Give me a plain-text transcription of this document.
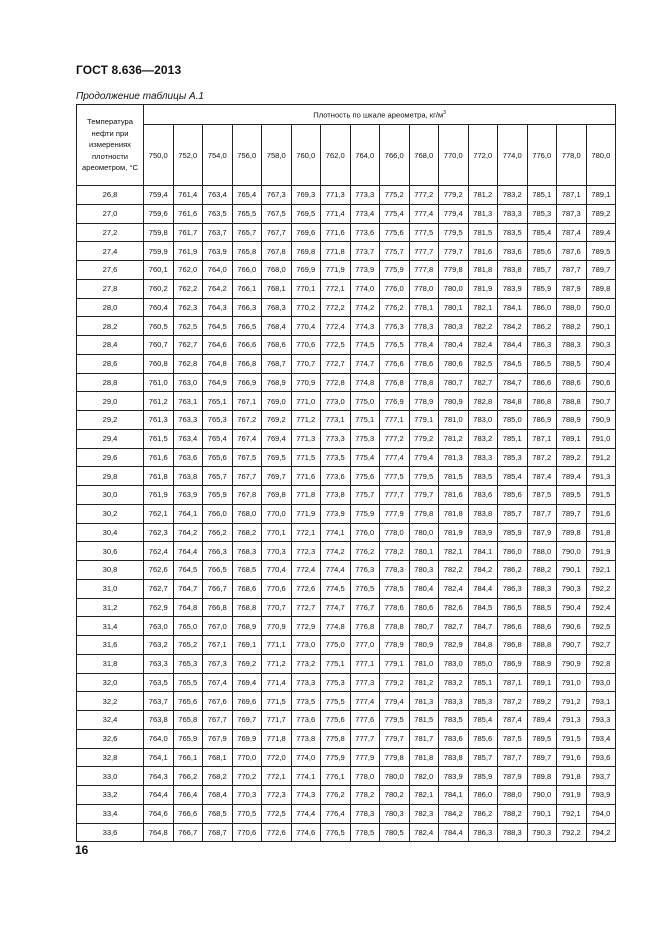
ГОСТ 8.636—2013
Продолжение таблицы А.1
Температура нефти при измерениях плотности ареометром, °С	Плотность по шкале ареометра, $кг/м^3$
	750,0	752,0	754,0	756,0	758,0	760,0	762,0	764,0	766,0	768,0	770,0	772,0	774,0	776,0	778,0	780,0
26,8	759,4	761,4	763,4	765,4	767,3	769,3	771,3	773,3	775,2	777,2	779,2	781,2	783,2	785,1	787,1	789,1
27,0	759,6	761,6	763,5	765,5	767,5	769,5	771,4	773,4	775,4	777,4	779,4	781,3	783,3	785,3	787,3	789,2
27,2	759,8	761,7	763,7	765,7	767,7	769,6	771,6	773,6	775,6	777,5	779,5	781,5	783,5	785,4	787,4	789,4
27,4	759,9	761,9	763,9	765,8	767,8	769,8	771,8	773,7	775,7	777,7	779,7	781,6	783,6	785,6	787,6	789,5
27,6	760,1	762,0	764,0	766,0	768,0	769,9	771,9	773,9	775,9	777,8	779,8	781,8	783,8	785,7	787,7	789,7
27,8	760,2	762,2	764,2	766,1	768,1	770,1	772,1	774,0	776,0	778,0	780,0	781,9	783,9	785,9	787,9	789,8
28,0	760,4	762,3	764,3	766,3	768,3	770,2	772,2	774,2	776,2	778,1	780,1	782,1	784,1	786,0	788,0	790,0
28,2	760,5	762,5	764,5	766,5	768,4	770,4	772,4	774,3	776,3	778,3	780,3	782,2	784,2	786,2	788,2	790,1
28,4	760,7	762,7	764,6	766,6	768,6	770,6	772,5	774,5	776,5	778,4	780,4	782,4	784,4	786,3	788,3	790,3
28,6	760,8	762,8	764,8	766,8	768,7	770,7	772,7	774,7	776,6	778,6	780,6	782,5	784,5	786,5	788,5	790,4
28,8	761,0	763,0	764,9	766,9	768,9	770,9	772,8	774,8	776,8	778,8	780,7	782,7	784,7	786,6	788,6	790,6
29,0	761,2	763,1	765,1	767,1	769,0	771,0	773,0	775,0	776,9	778,9	780,9	782,8	784,8	786,8	788,8	790,7
29,2	761,3	763,3	765,3	767,2	769,2	771,2	773,1	775,1	777,1	779,1	781,0	783,0	785,0	786,9	788,9	790,9
29,4	761,5	763,4	765,4	767,4	769,4	771,3	773,3	775,3	777,2	779,2	781,2	783,2	785,1	787,1	789,1	791,0
29,6	761,6	763,6	765,6	767,5	769,5	771,5	773,5	775,4	777,4	779,4	781,3	783,3	785,3	787,2	789,2	791,2
29,8	761,8	763,8	765,7	767,7	769,7	771,6	773,6	775,6	777,5	779,5	781,5	783,5	785,4	787,4	789,4	791,3
30,0	761,9	763,9	765,9	767,8	769,8	771,8	773,8	775,7	777,7	779,7	781,6	783,6	785,6	787,5	789,5	791,5
30,2	762,1	764,1	766,0	768,0	770,0	771,9	773,9	775,9	777,9	779,8	781,8	783,8	785,7	787,7	789,7	791,6
30,4	762,3	764,2	766,2	768,2	770,1	772,1	774,1	776,0	778,0	780,0	781,9	783,9	785,9	787,9	789,8	791,8
30,6	762,4	764,4	766,3	768,3	770,3	772,3	774,2	776,2	778,2	780,1	782,1	784,1	786,0	788,0	790,0	791,9
30,8	762,6	764,5	766,5	768,5	770,4	772,4	774,4	776,3	778,3	780,3	782,2	784,2	786,2	788,2	790,1	792,1
31,0	762,7	764,7	766,7	768,6	770,6	772,6	774,5	776,5	778,5	780,4	782,4	784,4	786,3	788,3	790,3	792,2
31,2	762,9	764,8	766,8	768,8	770,7	772,7	774,7	776,7	778,6	780,6	782,6	784,5	786,5	788,5	790,4	792,4
31,4	763,0	765,0	767,0	768,9	770,9	772,9	774,8	776,8	778,8	780,7	782,7	784,7	786,6	788,6	790,6	792,5
31,6	763,2	765,2	767,1	769,1	771,1	773,0	775,0	777,0	778,9	780,9	782,9	784,8	786,8	788,8	790,7	792,7
31,8	763,3	765,3	767,3	769,2	771,2	773,2	775,1	777,1	779,1	781,0	783,0	785,0	786,9	788,9	790,9	792,8
32,0	763,5	765,5	767,4	769,4	771,4	773,3	775,3	777,3	779,2	781,2	783,2	785,1	787,1	789,1	791,0	793,0
32,2	763,7	765,6	767,6	769,6	771,5	773,5	775,5	777,4	779,4	781,3	783,3	785,3	787,2	789,2	791,2	793,1
32,4	763,8	765,8	767,7	769,7	771,7	773,6	775,6	777,6	779,5	781,5	783,5	785,4	787,4	789,4	791,3	793,3
32,6	764,0	765,9	767,9	769,9	771,8	773,8	775,8	777,7	779,7	781,7	783,6	785,6	787,5	789,5	791,5	793,4
32,8	764,1	766,1	768,1	770,0	772,0	774,0	775,9	777,9	779,8	781,8	783,8	785,7	787,7	789,7	791,6	793,6
33,0	764,3	766,2	768,2	770,2	772,1	774,1	776,1	778,0	780,0	782,0	783,9	785,9	787,9	789,8	791,8	793,7
33,2	764,4	766,4	768,4	770,3	772,3	774,3	776,2	778,2	780,2	782,1	784,1	786,0	788,0	790,0	791,9	793,9
33,4	764,6	766,6	768,5	770,5	772,5	774,4	776,4	778,3	780,3	782,3	784,2	786,2	788,2	790,1	792,1	794,0
33,6	764,8	766,7	768,7	770,6	772,6	774,6	776,5	778,5	780,5	782,4	784,4	786,3	788,3	790,3	792,2	794,2
16
